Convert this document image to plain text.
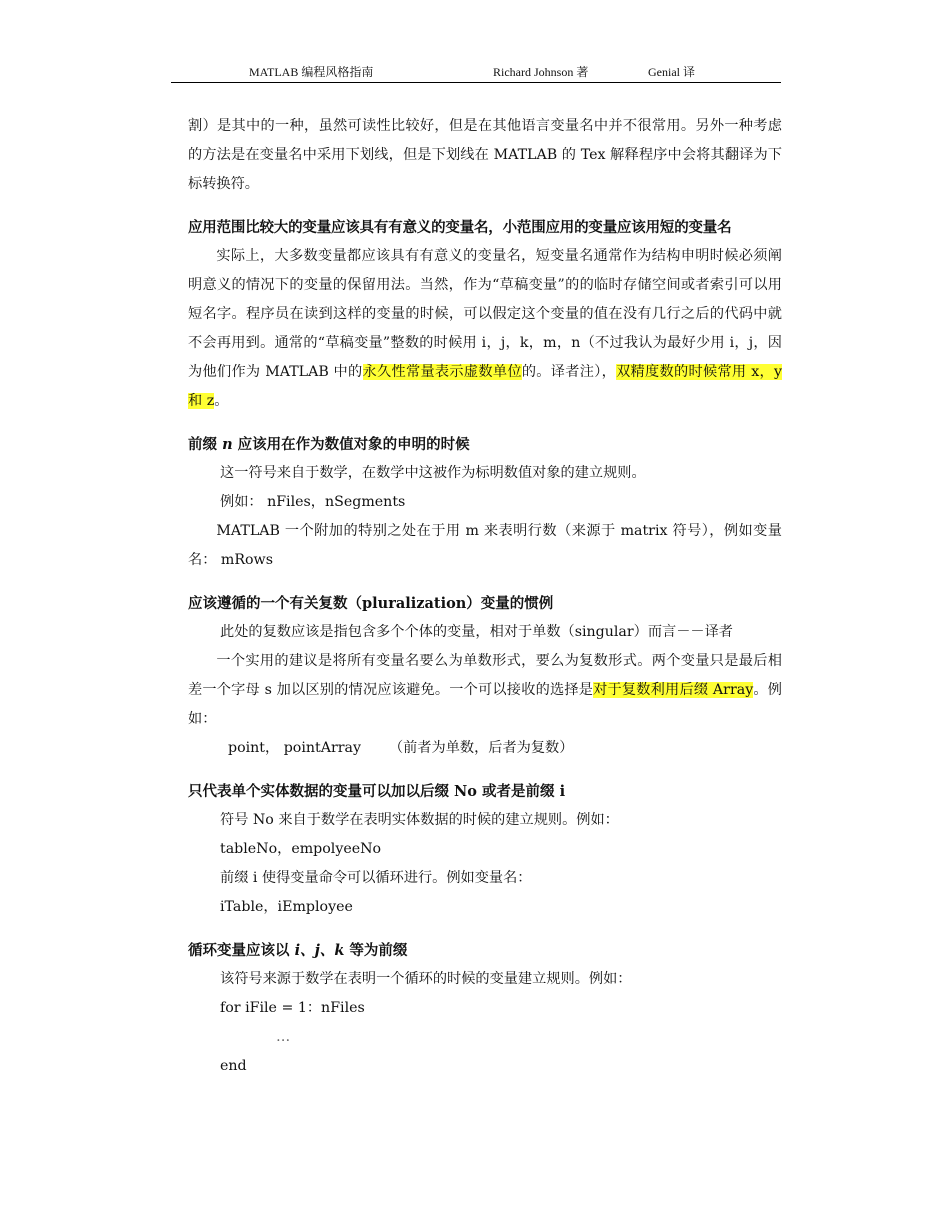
MATLAB 编程风格指南	Richard Johnson 著	Genial 译

割）是其中的一种，虽然可读性比较好，但是在其他语言变量名中并不很常用。另外一种考虑的方法是在变量名中采用下划线，但是下划线在 MATLAB 的 Tex 解释程序中会将其翻译为下标转换符。

应用范围比较大的变量应该具有有意义的变量名，小范围应用的变量应该用短的变量名

实际上，大多数变量都应该具有有意义的变量名，短变量名通常作为结构申明时候必须阐明意义的情况下的变量的保留用法。当然，作为“草稿变量”的的临时存储空间或者索引可以用短名字。程序员在读到这样的变量的时候，可以假定这个变量的值在没有几行之后的代码中就不会再用到。通常的“草稿变量”整数的时候用 i，j，k，m，n（不过我认为最好少用 i，j，因为他们作为 MATLAB 中的永久性常量表示虚数单位的。译者注），双精度数的时候常用 x，y 和 z。

前缀 n 应该用在作为数值对象的申明的时候

这一符号来自于数学，在数学中这被作为标明数值对象的建立规则。

例如： nFiles，nSegments

MATLAB 一个附加的特别之处在于用 m 来表明行数（来源于 matrix 符号），例如变量名： mRows

应该遵循的一个有关复数（pluralization）变量的惯例

此处的复数应该是指包含多个个体的变量，相对于单数（singular）而言－－译者

一个实用的建议是将所有变量名要么为单数形式，要么为复数形式。两个变量只是最后相差一个字母 s 加以区别的情况应该避免。一个可以接收的选择是对于复数利用后缀 Array。例如：

point， pointArray （前者为单数，后者为复数）

只代表单个实体数据的变量可以加以后缀 No 或者是前缀 i

符号 No 来自于数学在表明实体数据的时候的建立规则。例如：

tableNo，empolyeeNo

前缀 i 使得变量命令可以循环进行。例如变量名：

iTable，iEmployee

循环变量应该以 i、j、k 等为前缀

该符号来源于数学在表明一个循环的时候的变量建立规则。例如：

for iFile = 1：nFiles

…

end
